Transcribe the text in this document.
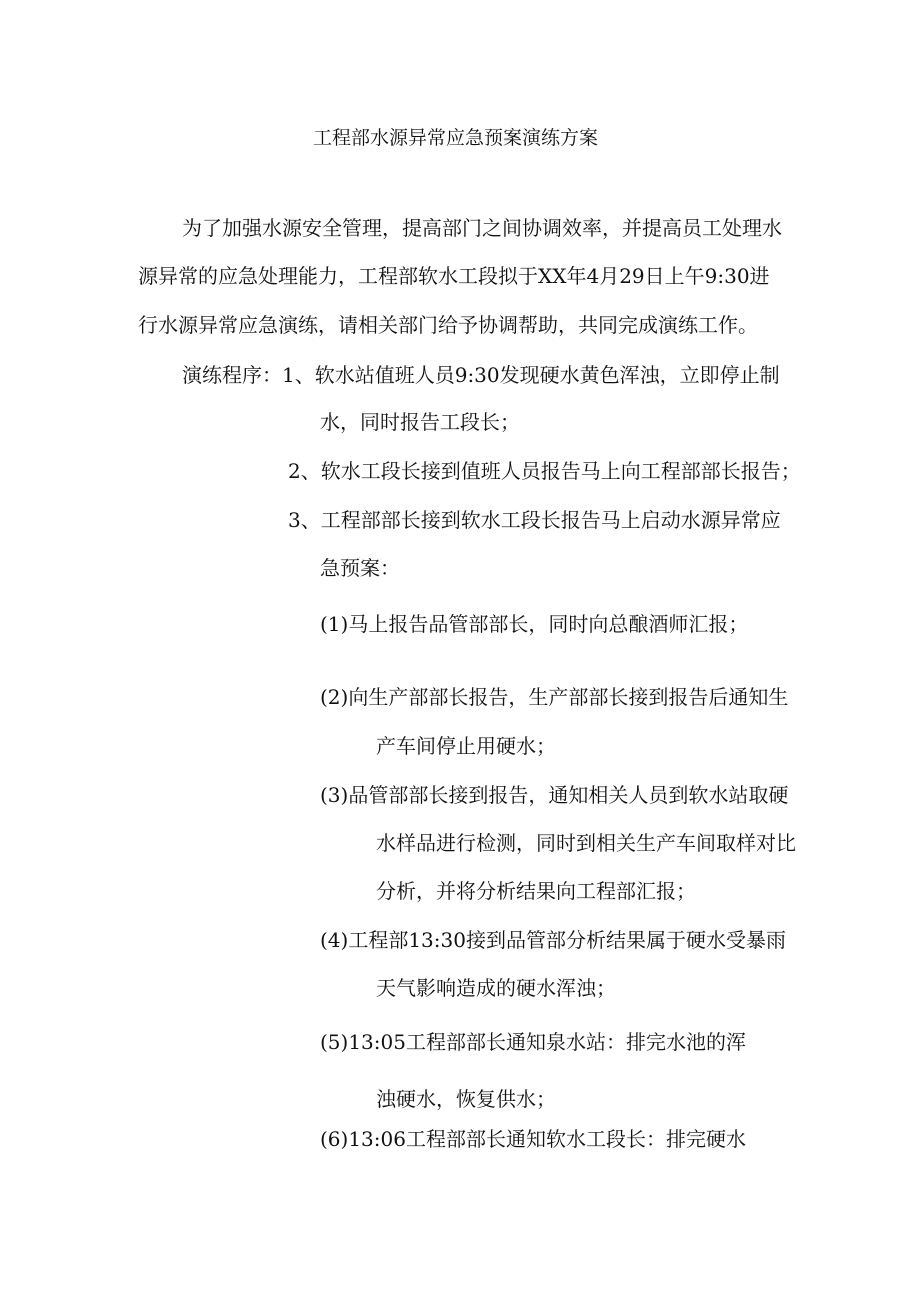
工程部水源异常应急预案演练方案
为了加强水源安全管理，提高部门之间协调效率，并提高员工处理水
源异常的应急处理能力，工程部软水工段拟于XX年4月29日上午9:30进
行水源异常应急演练，请相关部门给予协调帮助，共同完成演练工作。
演练程序： 1、软水站值班人员9:30发现硬水黄色浑浊，立即停止制
水，同时报告工段长；
2、软水工段长接到值班人员报告马上向工程部部长报告；
3、工程部部长接到软水工段长报告马上启动水源异常应
急预案：
(1)马上报告品管部部长，同时向总酿酒师汇报；
(2)向生产部部长报告，生产部部长接到报告后通知生
产车间停止用硬水；
(3)品管部部长接到报告，通知相关人员到软水站取硬
水样品进行检测，同时到相关生产车间取样对比
分析，并将分析结果向工程部汇报；
(4)工程部13:30接到品管部分析结果属于硬水受暴雨
天气影响造成的硬水浑浊；
(5)13:05工程部部长通知泉水站：排完水池的浑
浊硬水，恢复供水；
(6)13:06工程部部长通知软水工段长：排完硬水
